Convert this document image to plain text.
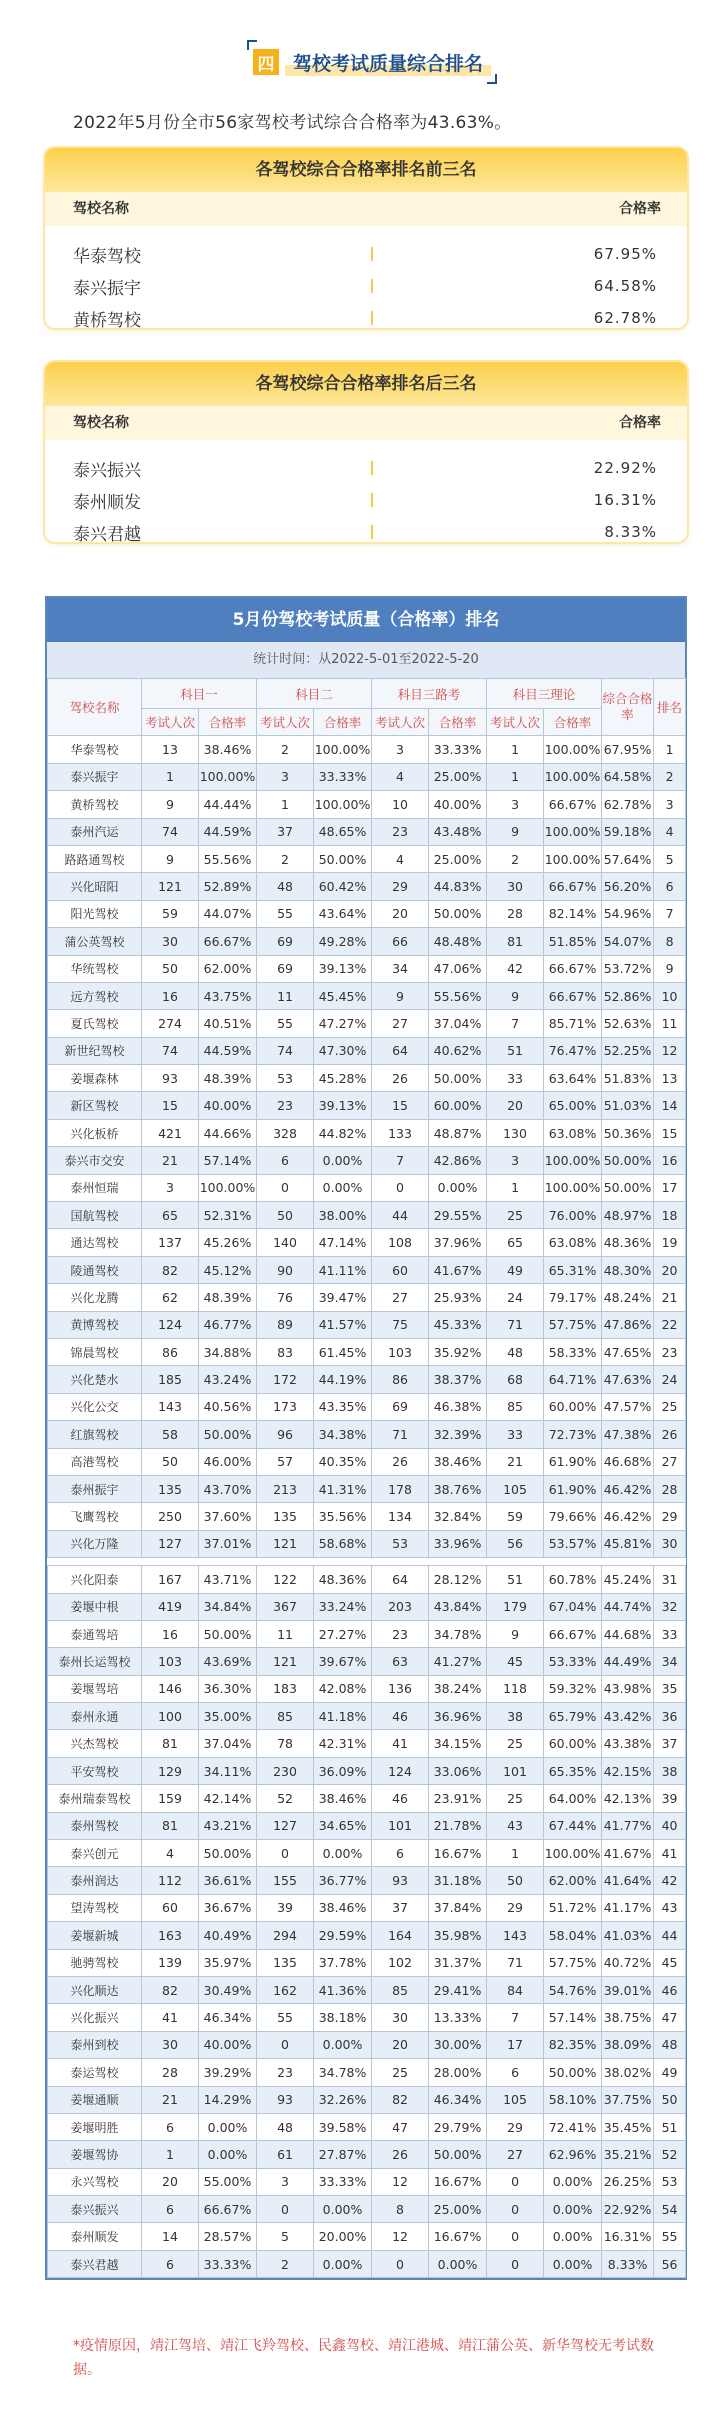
四 驾校考试质量综合排名
2022年5月份全市56家驾校考试综合合格率为43.63%。
各驾校综合合格率排名前三名
驾校名称	合格率
华泰驾校	67.95%
泰兴振宇	64.58%
黄桥驾校	62.78%
各驾校综合合格率排名后三名
驾校名称	合格率
泰兴振兴	22.92%
泰州顺发	16.31%
泰兴君越	8.33%
5月份驾校考试质量（合格率）排名
统计时间：从2022-5-01至2022-5-20
驾校名称	科目一		科目二		科目三路考		科目三理论		综合合格率	排名
	考试人次	合格率	考试人次	合格率	考试人次	合格率	考试人次	合格率		
华泰驾校	13	38.46%	2	100.00%	3	33.33%	1	100.00%	67.95%	1
泰兴振宇	1	100.00%	3	33.33%	4	25.00%	1	100.00%	64.58%	2
黄桥驾校	9	44.44%	1	100.00%	10	40.00%	3	66.67%	62.78%	3
泰州汽运	74	44.59%	37	48.65%	23	43.48%	9	100.00%	59.18%	4
路路通驾校	9	55.56%	2	50.00%	4	25.00%	2	100.00%	57.64%	5
兴化昭阳	121	52.89%	48	60.42%	29	44.83%	30	66.67%	56.20%	6
阳光驾校	59	44.07%	55	43.64%	20	50.00%	28	82.14%	54.96%	7
蒲公英驾校	30	66.67%	69	49.28%	66	48.48%	81	51.85%	54.07%	8
华统驾校	50	62.00%	69	39.13%	34	47.06%	42	66.67%	53.72%	9
远方驾校	16	43.75%	11	45.45%	9	55.56%	9	66.67%	52.86%	10
夏氏驾校	274	40.51%	55	47.27%	27	37.04%	7	85.71%	52.63%	11
新世纪驾校	74	44.59%	74	47.30%	64	40.62%	51	76.47%	52.25%	12
姜堰森林	93	48.39%	53	45.28%	26	50.00%	33	63.64%	51.83%	13
新区驾校	15	40.00%	23	39.13%	15	60.00%	20	65.00%	51.03%	14
兴化板桥	421	44.66%	328	44.82%	133	48.87%	130	63.08%	50.36%	15
泰兴市交安	21	57.14%	6	0.00%	7	42.86%	3	100.00%	50.00%	16
泰州恒瑞	3	100.00%	0	0.00%	0	0.00%	1	100.00%	50.00%	17
国航驾校	65	52.31%	50	38.00%	44	29.55%	25	76.00%	48.97%	18
通达驾校	137	45.26%	140	47.14%	108	37.96%	65	63.08%	48.36%	19
陵通驾校	82	45.12%	90	41.11%	60	41.67%	49	65.31%	48.30%	20
兴化龙腾	62	48.39%	76	39.47%	27	25.93%	24	79.17%	48.24%	21
黄博驾校	124	46.77%	89	41.57%	75	45.33%	71	57.75%	47.86%	22
锦晨驾校	86	34.88%	83	61.45%	103	35.92%	48	58.33%	47.65%	23
兴化楚水	185	43.24%	172	44.19%	86	38.37%	68	64.71%	47.63%	24
兴化公交	143	40.56%	173	43.35%	69	46.38%	85	60.00%	47.57%	25
红旗驾校	58	50.00%	96	34.38%	71	32.39%	33	72.73%	47.38%	26
高港驾校	50	46.00%	57	40.35%	26	38.46%	21	61.90%	46.68%	27
泰州振宇	135	43.70%	213	41.31%	178	38.76%	105	61.90%	46.42%	28
飞鹰驾校	250	37.60%	135	35.56%	134	32.84%	59	79.66%	46.42%	29
兴化万隆	127	37.01%	121	58.68%	53	33.96%	56	53.57%	45.81%	30

兴化阳泰	167	43.71%	122	48.36%	64	28.12%	51	60.78%	45.24%	31
姜堰中根	419	34.84%	367	33.24%	203	43.84%	179	67.04%	44.74%	32
泰通驾培	16	50.00%	11	27.27%	23	34.78%	9	66.67%	44.68%	33
泰州长运驾校	103	43.69%	121	39.67%	63	41.27%	45	53.33%	44.49%	34
姜堰驾培	146	36.30%	183	42.08%	136	38.24%	118	59.32%	43.98%	35
泰州永通	100	35.00%	85	41.18%	46	36.96%	38	65.79%	43.42%	36
兴杰驾校	81	37.04%	78	42.31%	41	34.15%	25	60.00%	43.38%	37
平安驾校	129	34.11%	230	36.09%	124	33.06%	101	65.35%	42.15%	38
泰州瑞泰驾校	159	42.14%	52	38.46%	46	23.91%	25	64.00%	42.13%	39
泰州驾校	81	43.21%	127	34.65%	101	21.78%	43	67.44%	41.77%	40
泰兴创元	4	50.00%	0	0.00%	6	16.67%	1	100.00%	41.67%	41
泰州润达	112	36.61%	155	36.77%	93	31.18%	50	62.00%	41.64%	42
望涛驾校	60	36.67%	39	38.46%	37	37.84%	29	51.72%	41.17%	43
姜堰新城	163	40.49%	294	29.59%	164	35.98%	143	58.04%	41.03%	44
驰骋驾校	139	35.97%	135	37.78%	102	31.37%	71	57.75%	40.72%	45
兴化顺达	82	30.49%	162	41.36%	85	29.41%	84	54.76%	39.01%	46
兴化振兴	41	46.34%	55	38.18%	30	13.33%	7	57.14%	38.75%	47
泰州到校	30	40.00%	0	0.00%	20	30.00%	17	82.35%	38.09%	48
泰运驾校	28	39.29%	23	34.78%	25	28.00%	6	50.00%	38.02%	49
姜堰通顺	21	14.29%	93	32.26%	82	46.34%	105	58.10%	37.75%	50
姜堰明胜	6	0.00%	48	39.58%	47	29.79%	29	72.41%	35.45%	51
姜堰驾协	1	0.00%	61	27.87%	26	50.00%	27	62.96%	35.21%	52
永兴驾校	20	55.00%	3	33.33%	12	16.67%	0	0.00%	26.25%	53
泰兴振兴	6	66.67%	0	0.00%	8	25.00%	0	0.00%	22.92%	54
泰州顺发	14	28.57%	5	20.00%	12	16.67%	0	0.00%	16.31%	55
泰兴君越	6	33.33%	2	0.00%	0	0.00%	0	0.00%	8.33%	56
*疫情原因，靖江驾培、靖江飞羚驾校、民鑫驾校、靖江港城、靖江蒲公英、新华驾校无考试数据。
